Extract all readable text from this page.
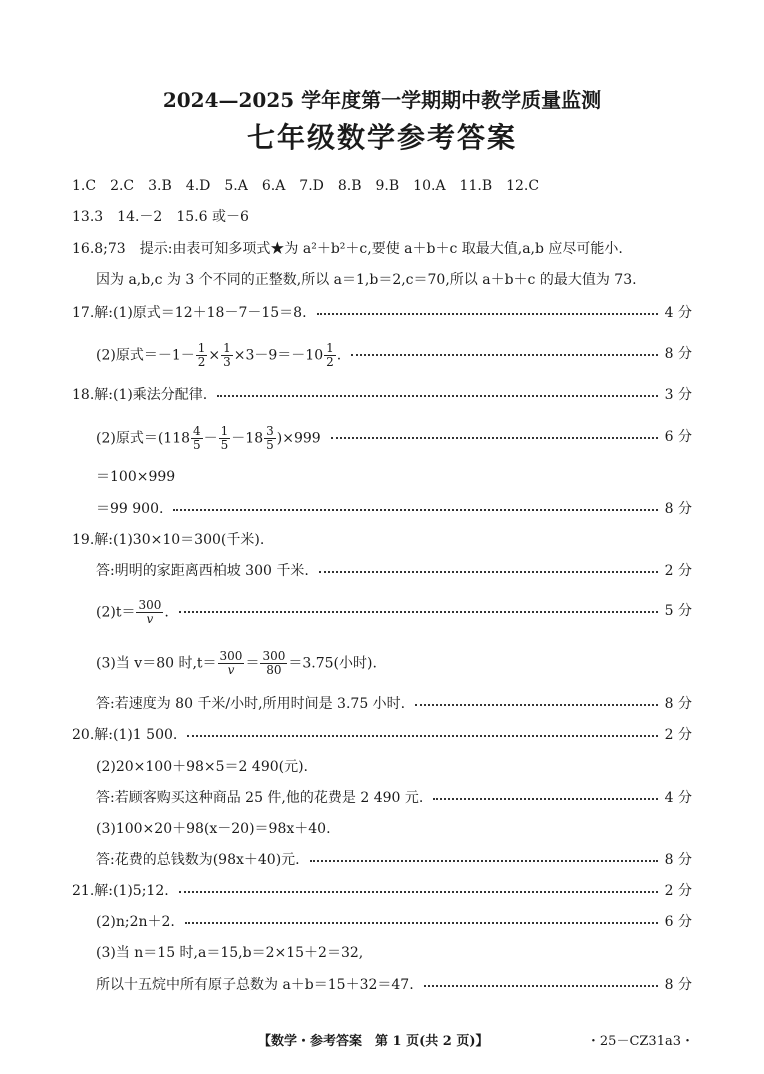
2024—2025 学年度第一学期期中教学质量监测
七年级数学参考答案
1.C　2.C　3.B　4.D　5.A　6.A　7.D　8.B　9.B　10.A　11.B　12.C
13.3　14.－2　15.6 或－6
16.8;73　提示:由表可知多项式★为 a²＋b²＋c,要使 a＋b＋c 取最大值,a,b 应尽可能小.
因为 a,b,c 为 3 个不同的正整数,所以 a＝1,b＝2,c＝70,所以 a＋b＋c 的最大值为 73.
17.解:(1)原式＝12＋18－7－15＝8.	4 分
(2)原式$=-1- \frac{1}{2} \times \frac{1}{3} \times 3-9=-10 \frac{1}{2}$ .	8 分
18.解:(1)乘法分配律.	3 分
(2)原式$=(118 \frac{4}{5} - \frac{1}{5} -18 \frac{3}{5} )\times 999$	6 分
＝100×999
＝99 900.	8 分
19.解:(1)30×10＝300(千米).
答:明明的家距离西柏坡 300 千米.	2 分
$(2)t= \frac{300}{v}$ .	5 分
(3)当 v＝80 时$,t= \frac{300}{v} = \frac{300}{80} =3.75$(小时).
答:若速度为 80 千米/小时,所用时间是 3.75 小时.	8 分
20.解:(1)1 500.	2 分
(2)20×100＋98×5＝2 490(元).
答:若顾客购买这种商品 25 件,他的花费是 2 490 元.	4 分
(3)100×20＋98(x－20)＝98x＋40.
答:花费的总钱数为(98x＋40)元.	8 分
21.解:(1)5;12.	2 分
(2)n;2n＋2.	6 分
(3)当 n＝15 时,a＝15,b＝2×15＋2＝32,
所以十五烷中所有原子总数为 a＋b＝15＋32＝47.	8 分
【数学・参考答案　第 1 页(共 2 页)】	・25－CZ31a3・
